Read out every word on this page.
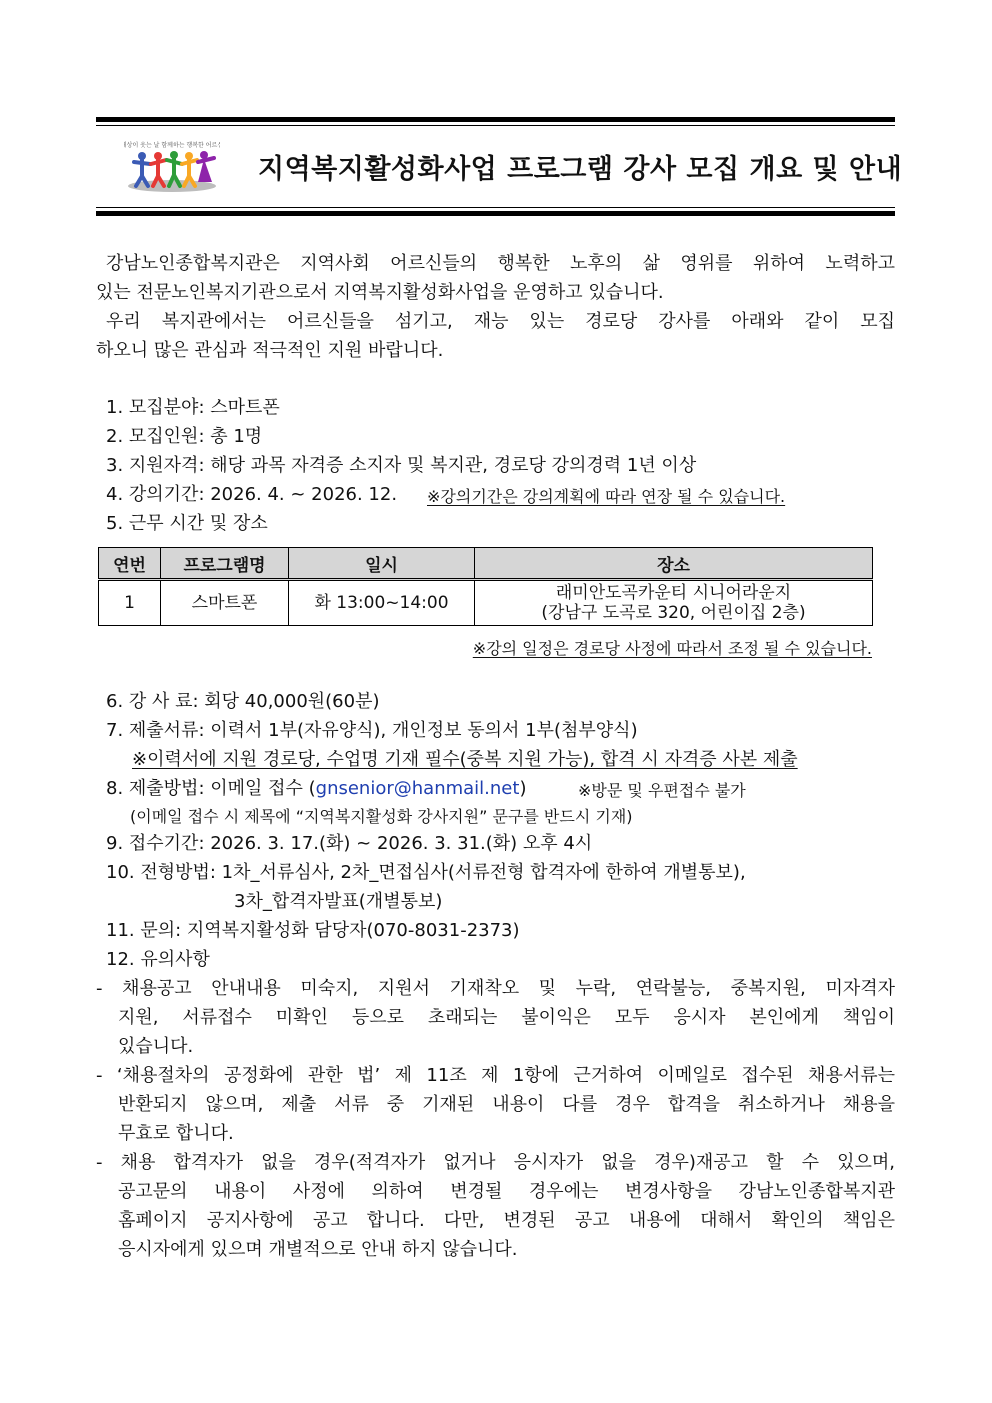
세상이 웃는 날 함께하는 행복한 어르신
지역복지활성화사업 프로그램 강사 모집 개요 및 안내
강남노인종합복지관은 지역사회 어르신들의 행복한 노후의 삶 영위를 위하여 노력하고
있는 전문노인복지기관으로서 지역복지활성화사업을 운영하고 있습니다.
우리 복지관에서는 어르신들을 섬기고, 재능 있는 경로당 강사를 아래와 같이 모집
하오니 많은 관심과 적극적인 지원 바랍니다.
1. 모집분야: 스마트폰
2. 모집인원: 총 1명
3. 지원자격: 해당 과목 자격증 소지자 및 복지관, 경로당 강의경력 1년 이상
4. 강의기간: 2026. 4. ~ 2026. 12. ※강의기간은 강의계획에 따라 연장 될 수 있습니다.
5. 근무 시간 및 장소
연번	프로그램명	일시	장소
1	스마트폰	화 13:00~14:00	래미안도곡카운티 시니어라운지
(강남구 도곡로 320, 어린이집 2층)
※강의 일정은 경로당 사정에 따라서 조정 될 수 있습니다.
6. 강 사 료: 회당 40,000원(60분)
7. 제출서류: 이력서 1부(자유양식), 개인정보 동의서 1부(첨부양식)
※이력서에 지원 경로당, 수업명 기재 필수(중복 지원 가능), 합격 시 자격증 사본 제출
8. 제출방법: 이메일 접수 (gnsenior@hanmail.net)	※방문 및 우편접수 불가
(이메일 접수 시 제목에 “지역복지활성화 강사지원” 문구를 반드시 기재)
9. 접수기간: 2026. 3. 17.(화) ~ 2026. 3. 31.(화) 오후 4시
10. 전형방법: 1차_서류심사, 2차_면접심사(서류전형 합격자에 한하여 개별통보),
3차_합격자발표(개별통보)
11. 문의: 지역복지활성화 담당자(070-8031-2373)
12. 유의사항
- 채용공고 안내내용 미숙지, 지원서 기재착오 및 누락, 연락불능, 중복지원, 미자격자
지원, 서류접수 미확인 등으로 초래되는 불이익은 모두 응시자 본인에게 책임이
있습니다.
- ‘채용절차의 공정화에 관한 법’ 제 11조 제 1항에 근거하여 이메일로 접수된 채용서류는
반환되지 않으며, 제출 서류 중 기재된 내용이 다를 경우 합격을 취소하거나 채용을
무효로 합니다.
- 채용 합격자가 없을 경우(적격자가 없거나 응시자가 없을 경우)재공고 할 수 있으며,
공고문의 내용이 사정에 의하여 변경될 경우에는 변경사항을 강남노인종합복지관
홈페이지 공지사항에 공고 합니다. 다만, 변경된 공고 내용에 대해서 확인의 책임은
응시자에게 있으며 개별적으로 안내 하지 않습니다.
